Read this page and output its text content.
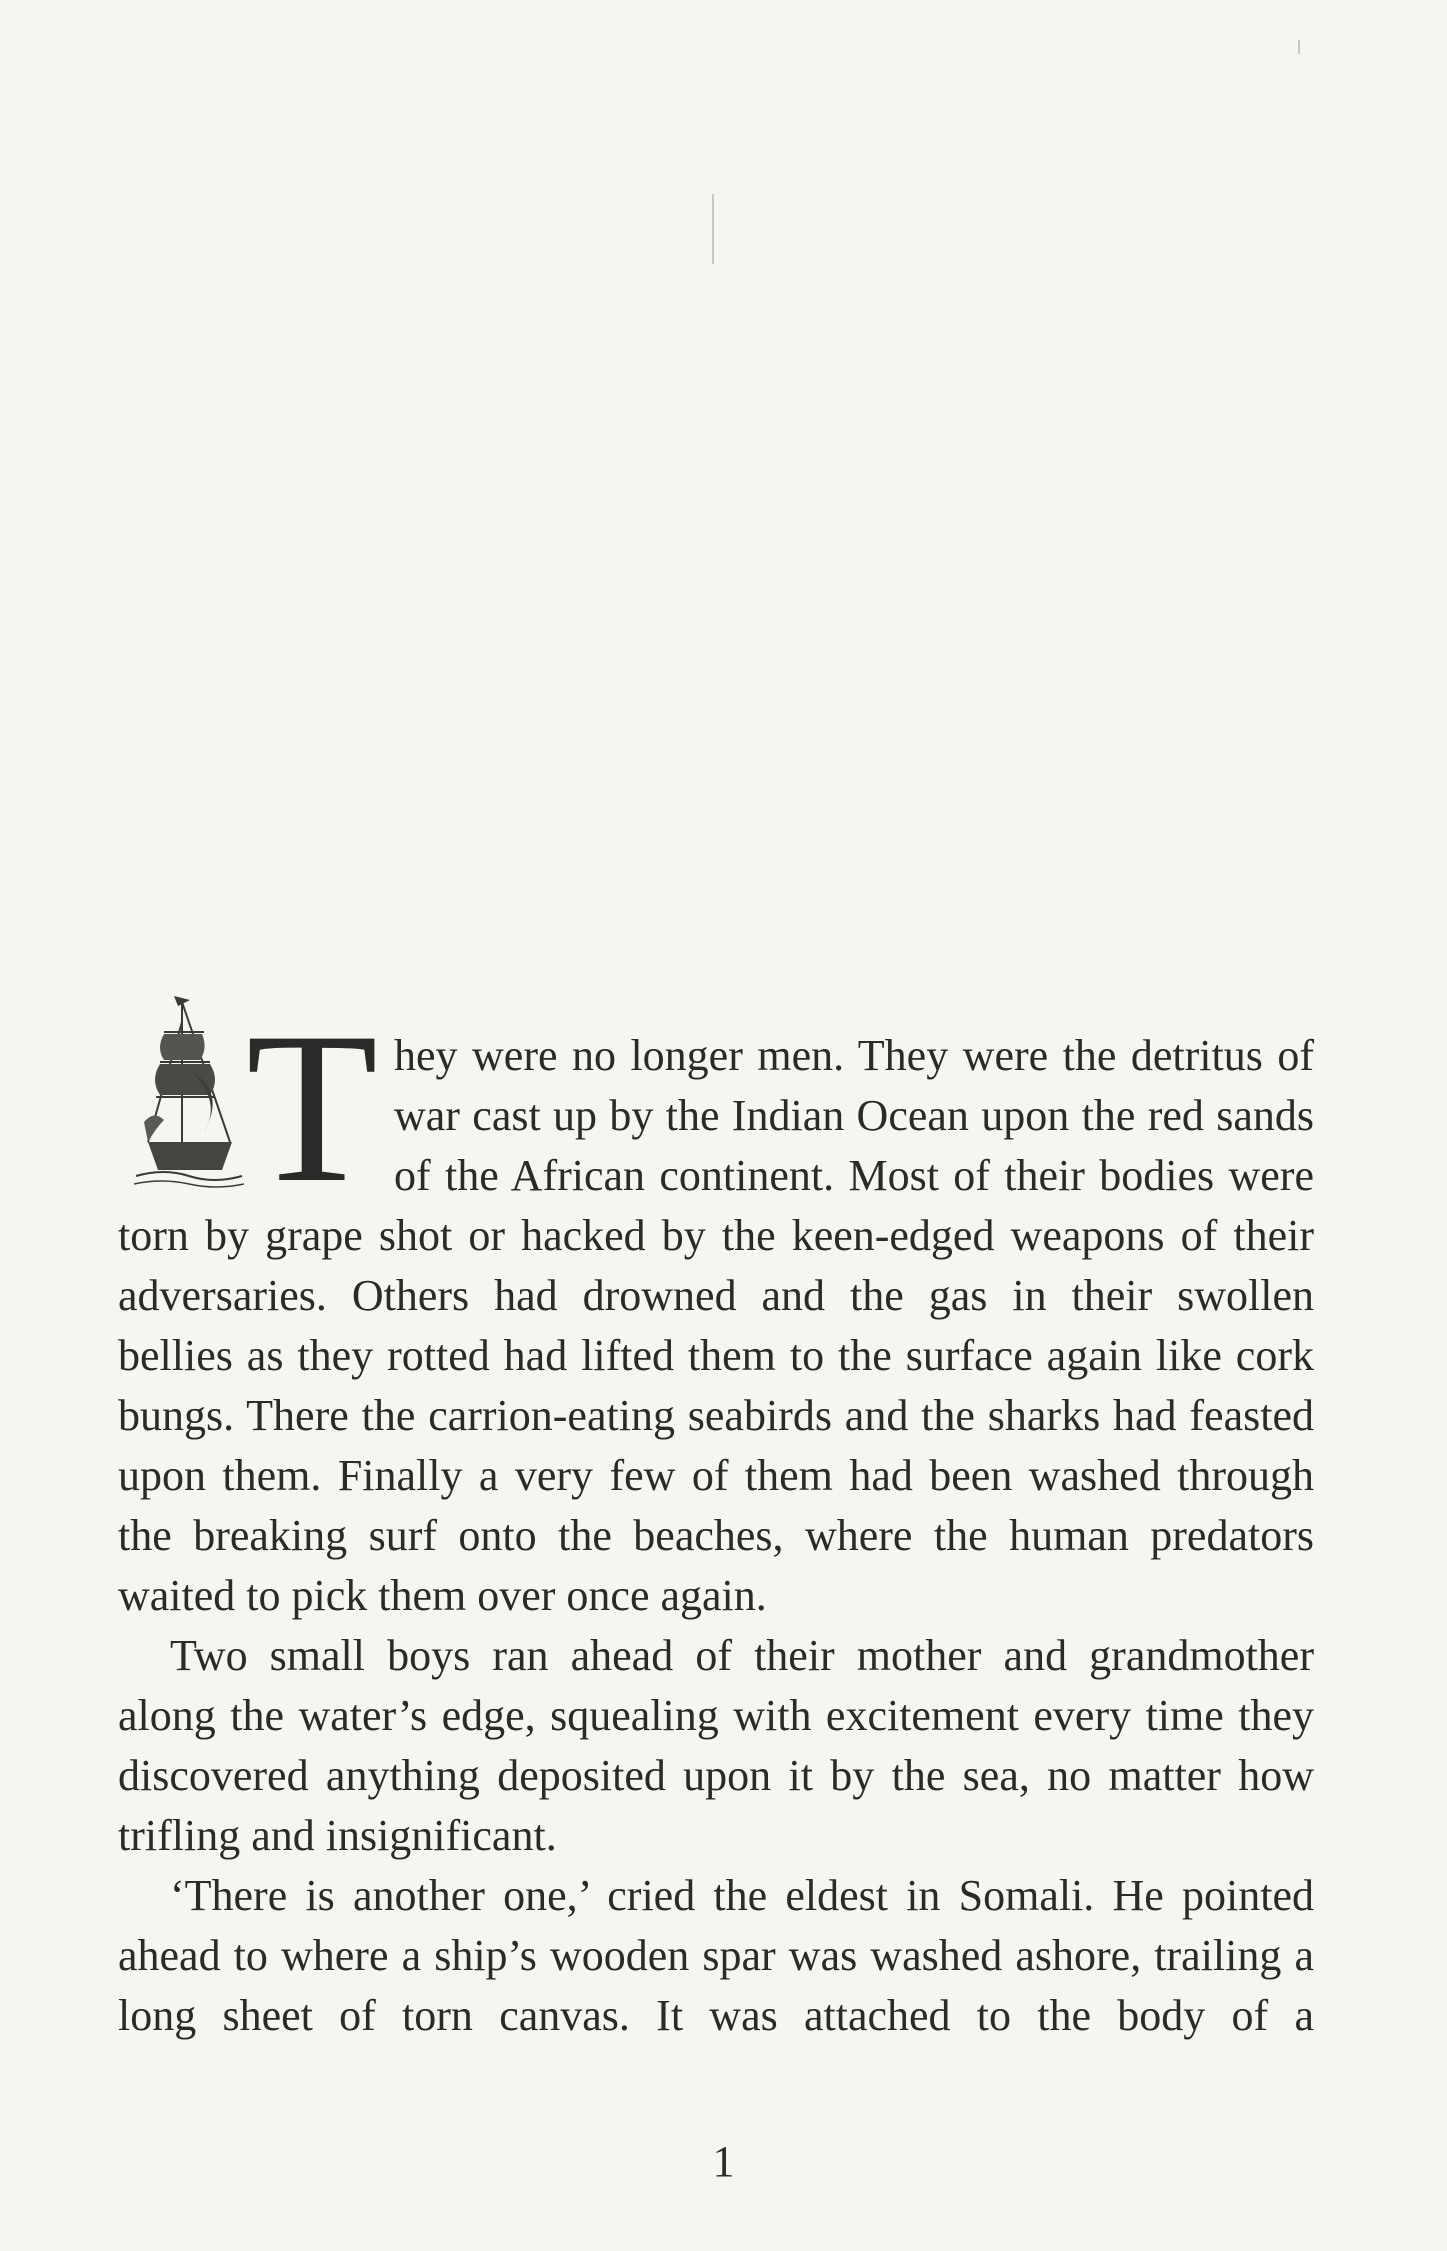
T hey were no longer men. They were the detritus of war cast up by the Indian Ocean upon the red sands of the African continent. Most of their bodies were torn by grape shot or hacked by the keen-edged weapons of their adversaries. Others had drowned and the gas in their swollen bellies as they rotted had lifted them to the surface again like cork bungs. There the carrion-eating seabirds and the sharks had feasted upon them. Finally a very few of them had been washed through the breaking surf onto the beaches, where the human predators waited to pick them over once again.

Two small boys ran ahead of their mother and grandmother along the water’s edge, squealing with excitement every time they discovered anything deposited upon it by the sea, no matter how trifling and insignificant.

‘There is another one,’ cried the eldest in Somali. He pointed ahead to where a ship’s wooden spar was washed ashore, trailing a long sheet of torn canvas. It was attached to the body of a

1
